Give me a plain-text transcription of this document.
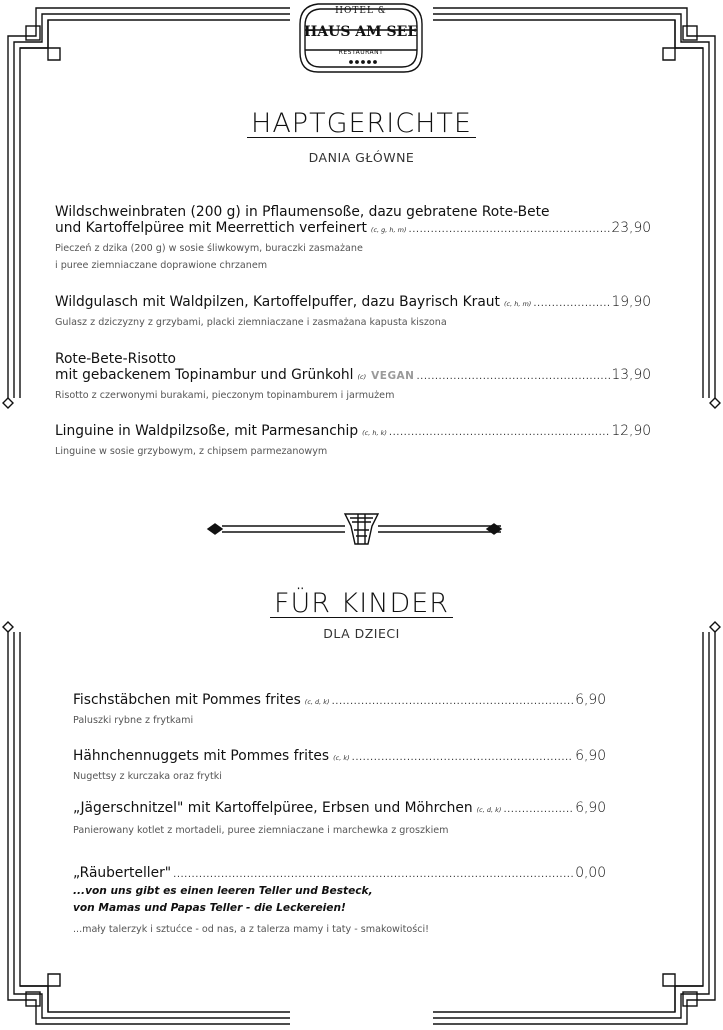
HOTEL &
HAUS AM SEE
RESTAURANT
HAPTGERICHTE
DANIA GŁÓWNE
Wildschweinbraten (200 g) in Pflaumensoße, dazu gebratene Rote-Bete
und Kartoffelpüree mit Meerrettich verfeinert (c, g, h, m) .....	23,90
Pieczeń z dzika (200 g) w sosie śliwkowym, buraczki zasmażane
i puree ziemniaczane doprawione chrzanem
Wildgulasch mit Waldpilzen, Kartoffelpuffer, dazu Bayrisch Kraut (c, h, m) .....	19,90
Gulasz z dziczyzny z grzybami, placki ziemniaczane i zasmażana kapusta kiszona
Rote-Bete-Risotto
mit gebackenem Topinambur und Grünkohl (c) VEGAN .....	13,90
Risotto z czerwonymi burakami, pieczonym topinamburem i jarmużem
Linguine in Waldpilzsoße, mit Parmesanchip (c, h, k) .....	12,90
Linguine w sosie grzybowym, z chipsem parmezanowym
FÜR KINDER
DLA DZIECI
Fischstäbchen mit Pommes frites (c, d, k) .....	6,90
Paluszki rybne z frytkami
Hähnchennuggets mit Pommes frites (c, k) .....	6,90
Nugettsy z kurczaka oraz frytki
„Jägerschnitzel" mit Kartoffelpüree, Erbsen und Möhrchen (c, d, k) .....	6,90
Panierowany kotlet z mortadeli, puree ziemniaczane i marchewka z groszkiem
„Räuberteller" .....	0,00
...von uns gibt es einen leeren Teller und Besteck,
von Mamas und Papas Teller - die Leckereien!
...mały talerzyk i sztućce - od nas, a z talerza mamy i taty - smakowitości!
